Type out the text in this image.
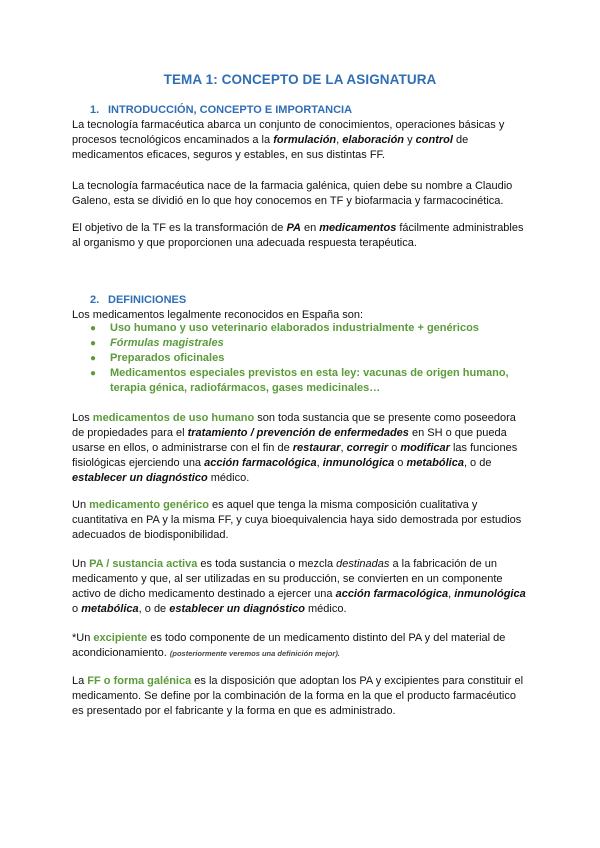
TEMA 1: CONCEPTO DE LA ASIGNATURA
1. INTRODUCCIÓN, CONCEPTO E IMPORTANCIA

La tecnología farmacéutica abarca un conjunto de conocimientos, operaciones básicas y procesos tecnológicos encaminados a la formulación, elaboración y control de medicamentos eficaces, seguros y estables, en sus distintas FF.

La tecnología farmacéutica nace de la farmacia galénica, quien debe su nombre a Claudio Galeno, esta se dividió en lo que hoy conocemos en TF y biofarmacia y farmacocinética.

El objetivo de la TF es la transformación de PA en medicamentos fácilmente administrables al organismo y que proporcionen una adecuada respuesta terapéutica.

2. DEFINICIONES

Los medicamentos legalmente reconocidos en España son:

● Uso humano y uso veterinario elaborados industrialmente + genéricos
● Fórmulas magistrales
● Preparados oficinales
● Medicamentos especiales previstos en esta ley: vacunas de origen humano, terapia génica, radiofármacos, gases medicinales…

Los medicamentos de uso humano son toda sustancia que se presente como poseedora de propiedades para el tratamiento / prevención de enfermedades en SH o que pueda usarse en ellos, o administrarse con el fin de restaurar, corregir o modificar las funciones fisiológicas ejerciendo una acción farmacológica, inmunológica o metabólica, o de establecer un diagnóstico médico.

Un medicamento genérico es aquel que tenga la misma composición cualitativa y cuantitativa en PA y la misma FF, y cuya bioequivalencia haya sido demostrada por estudios adecuados de biodisponibilidad.

Un PA / sustancia activa es toda sustancia o mezcla destinadas a la fabricación de un medicamento y que, al ser utilizadas en su producción, se convierten en un componente activo de dicho medicamento destinado a ejercer una acción farmacológica, inmunológica o metabólica, o de establecer un diagnóstico médico.

*Un excipiente es todo componente de un medicamento distinto del PA y del material de acondicionamiento. (posteriormente veremos una definición mejor).

La FF o forma galénica es la disposición que adoptan los PA y excipientes para constituir el medicamento. Se define por la combinación de la forma en la que el producto farmacéutico es presentado por el fabricante y la forma en que es administrado.
